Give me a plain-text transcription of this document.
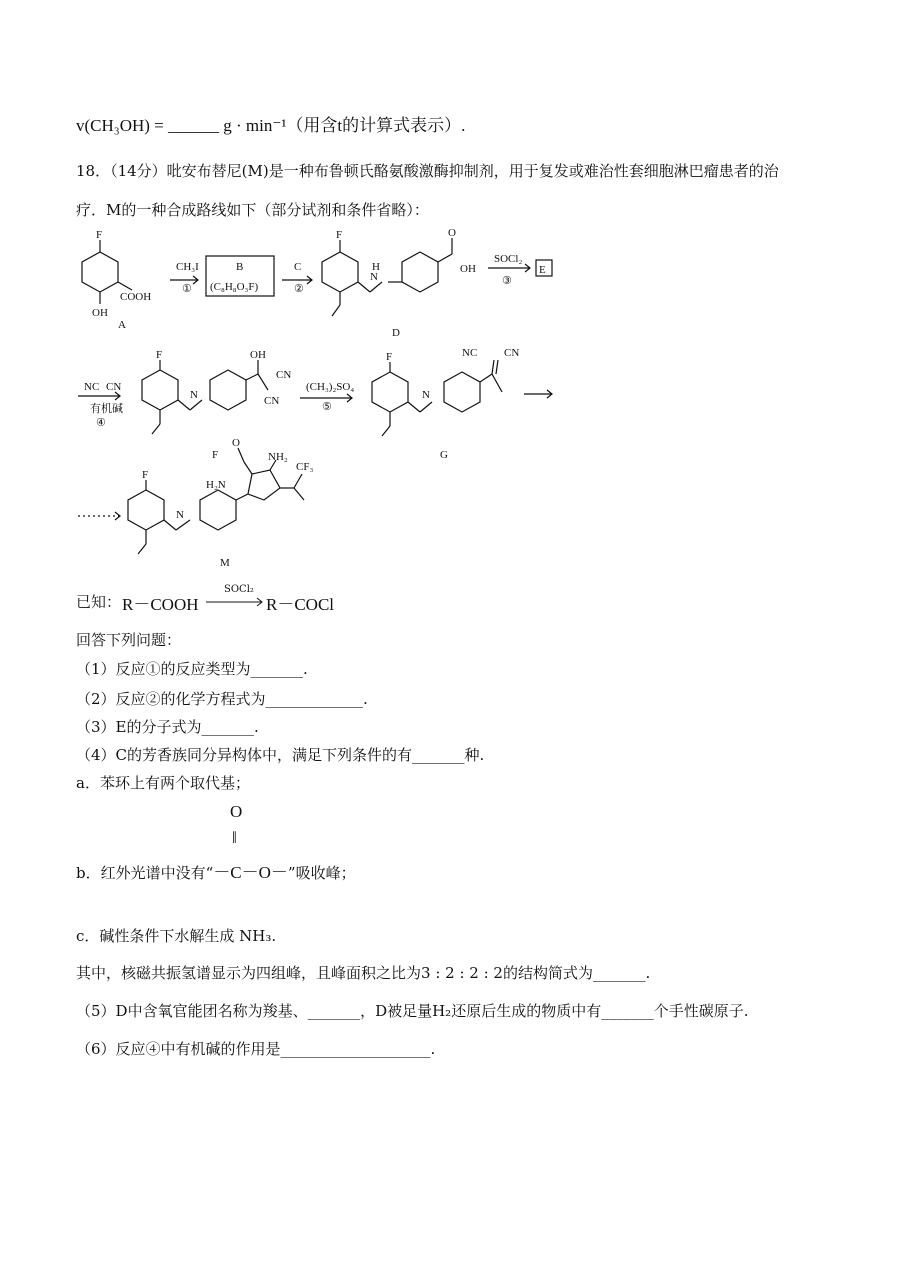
v(CH₃OH) = ______ g · min⁻¹（用含t的计算式表示）.
18．（14分）吡安布替尼(M)是一种布鲁顿氏酪氨酸激酶抑制剂，用于复发或难治性套细胞淋巴瘤患者的治
疗．M的一种合成路线如下（部分试剂和条件省略）：
F
OH
COOH
A
CH₃I
①
B
(C₈H₈O₃F)
C
②
F
N
H
O
OH
D
SOCl₂
③
E
NC CN
有机碱
④
F	OH
CN
CN
N
F
(CH₃)₂SO₄
⑤
F	NC CN
N
G
F
O
H₂N
NH₂
CF₃
N
M
已知： R－COOH
SOCl₂
R－COCl
回答下列问题：
（1）反应①的反应类型为_______.
（2）反应②的化学方程式为_____________.
（3）E的分子式为_______.
（4）C的芳香族同分异构体中，满足下列条件的有_______种.
a．苯环上有两个取代基；
O
‖
b．红外光谱中没有“－C－O－”吸收峰；
c．碱性条件下水解生成 NH₃.
其中，核磁共振氢谱显示为四组峰，且峰面积之比为3 : 2 : 2 : 2的结构简式为_______.
（5）D中含氧官能团名称为羧基、_______，D被足量H₂还原后生成的物质中有_______个手性碳原子.
（6）反应④中有机碱的作用是____________________.
